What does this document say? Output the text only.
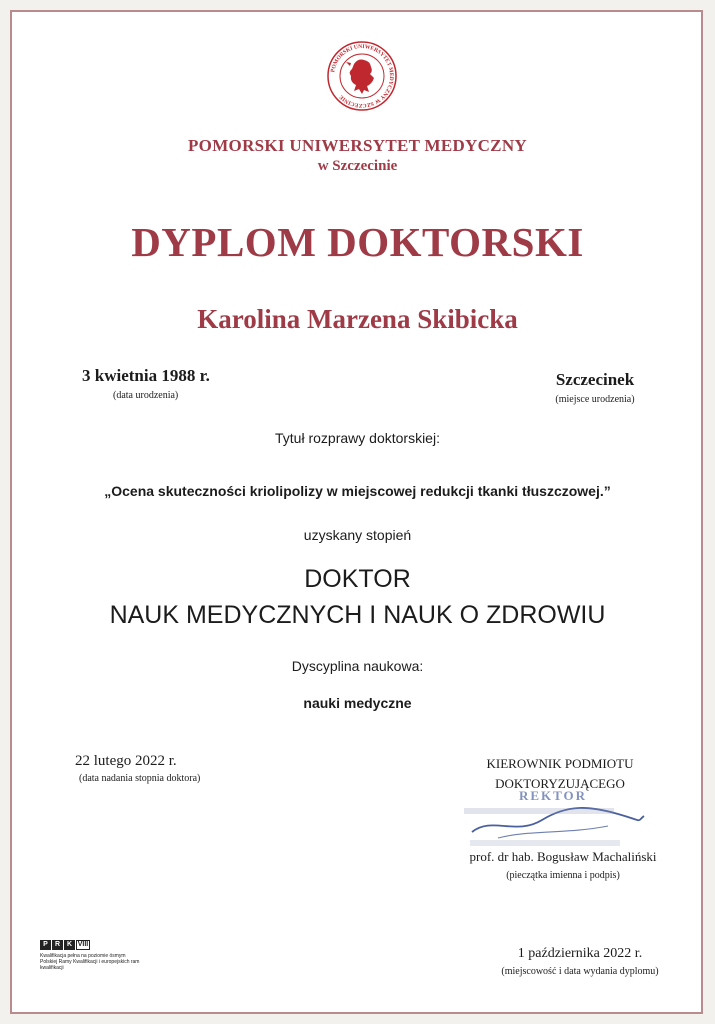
POMORSKI UNIWERSYTET MEDYCZNY W SZCZECINIE
POMORSKI UNIWERSYTET MEDYCZNY
w Szczecinie
DYPLOM DOKTORSKI
Karolina Marzena Skibicka
3 kwietnia 1988 r.
(data urodzenia)
Szczecinek
(miejsce urodzenia)
Tytuł rozprawy doktorskiej:
„Ocena skuteczności kriolipolizy w miejscowej redukcji tkanki tłuszczowej.”
uzyskany stopień
DOKTOR
NAUK MEDYCZNYCH I NAUK O ZDROWIU
Dyscyplina naukowa:
nauki medyczne
22 lutego 2022 r.
(data nadania stopnia doktora)
KIEROWNIK PODMIOTU
DOKTORYZUJĄCEGO
REKTOR
prof. dr hab. Bogusław Machaliński
(pieczątka imienna i podpis)
P	R K VIII
Kwalifikacja pełna na poziomie ósmym Polskiej Ramy Kwalifikacji i europejskich ram kwalifikacji
1 października 2022 r.
(miejscowość i data wydania dyplomu)
